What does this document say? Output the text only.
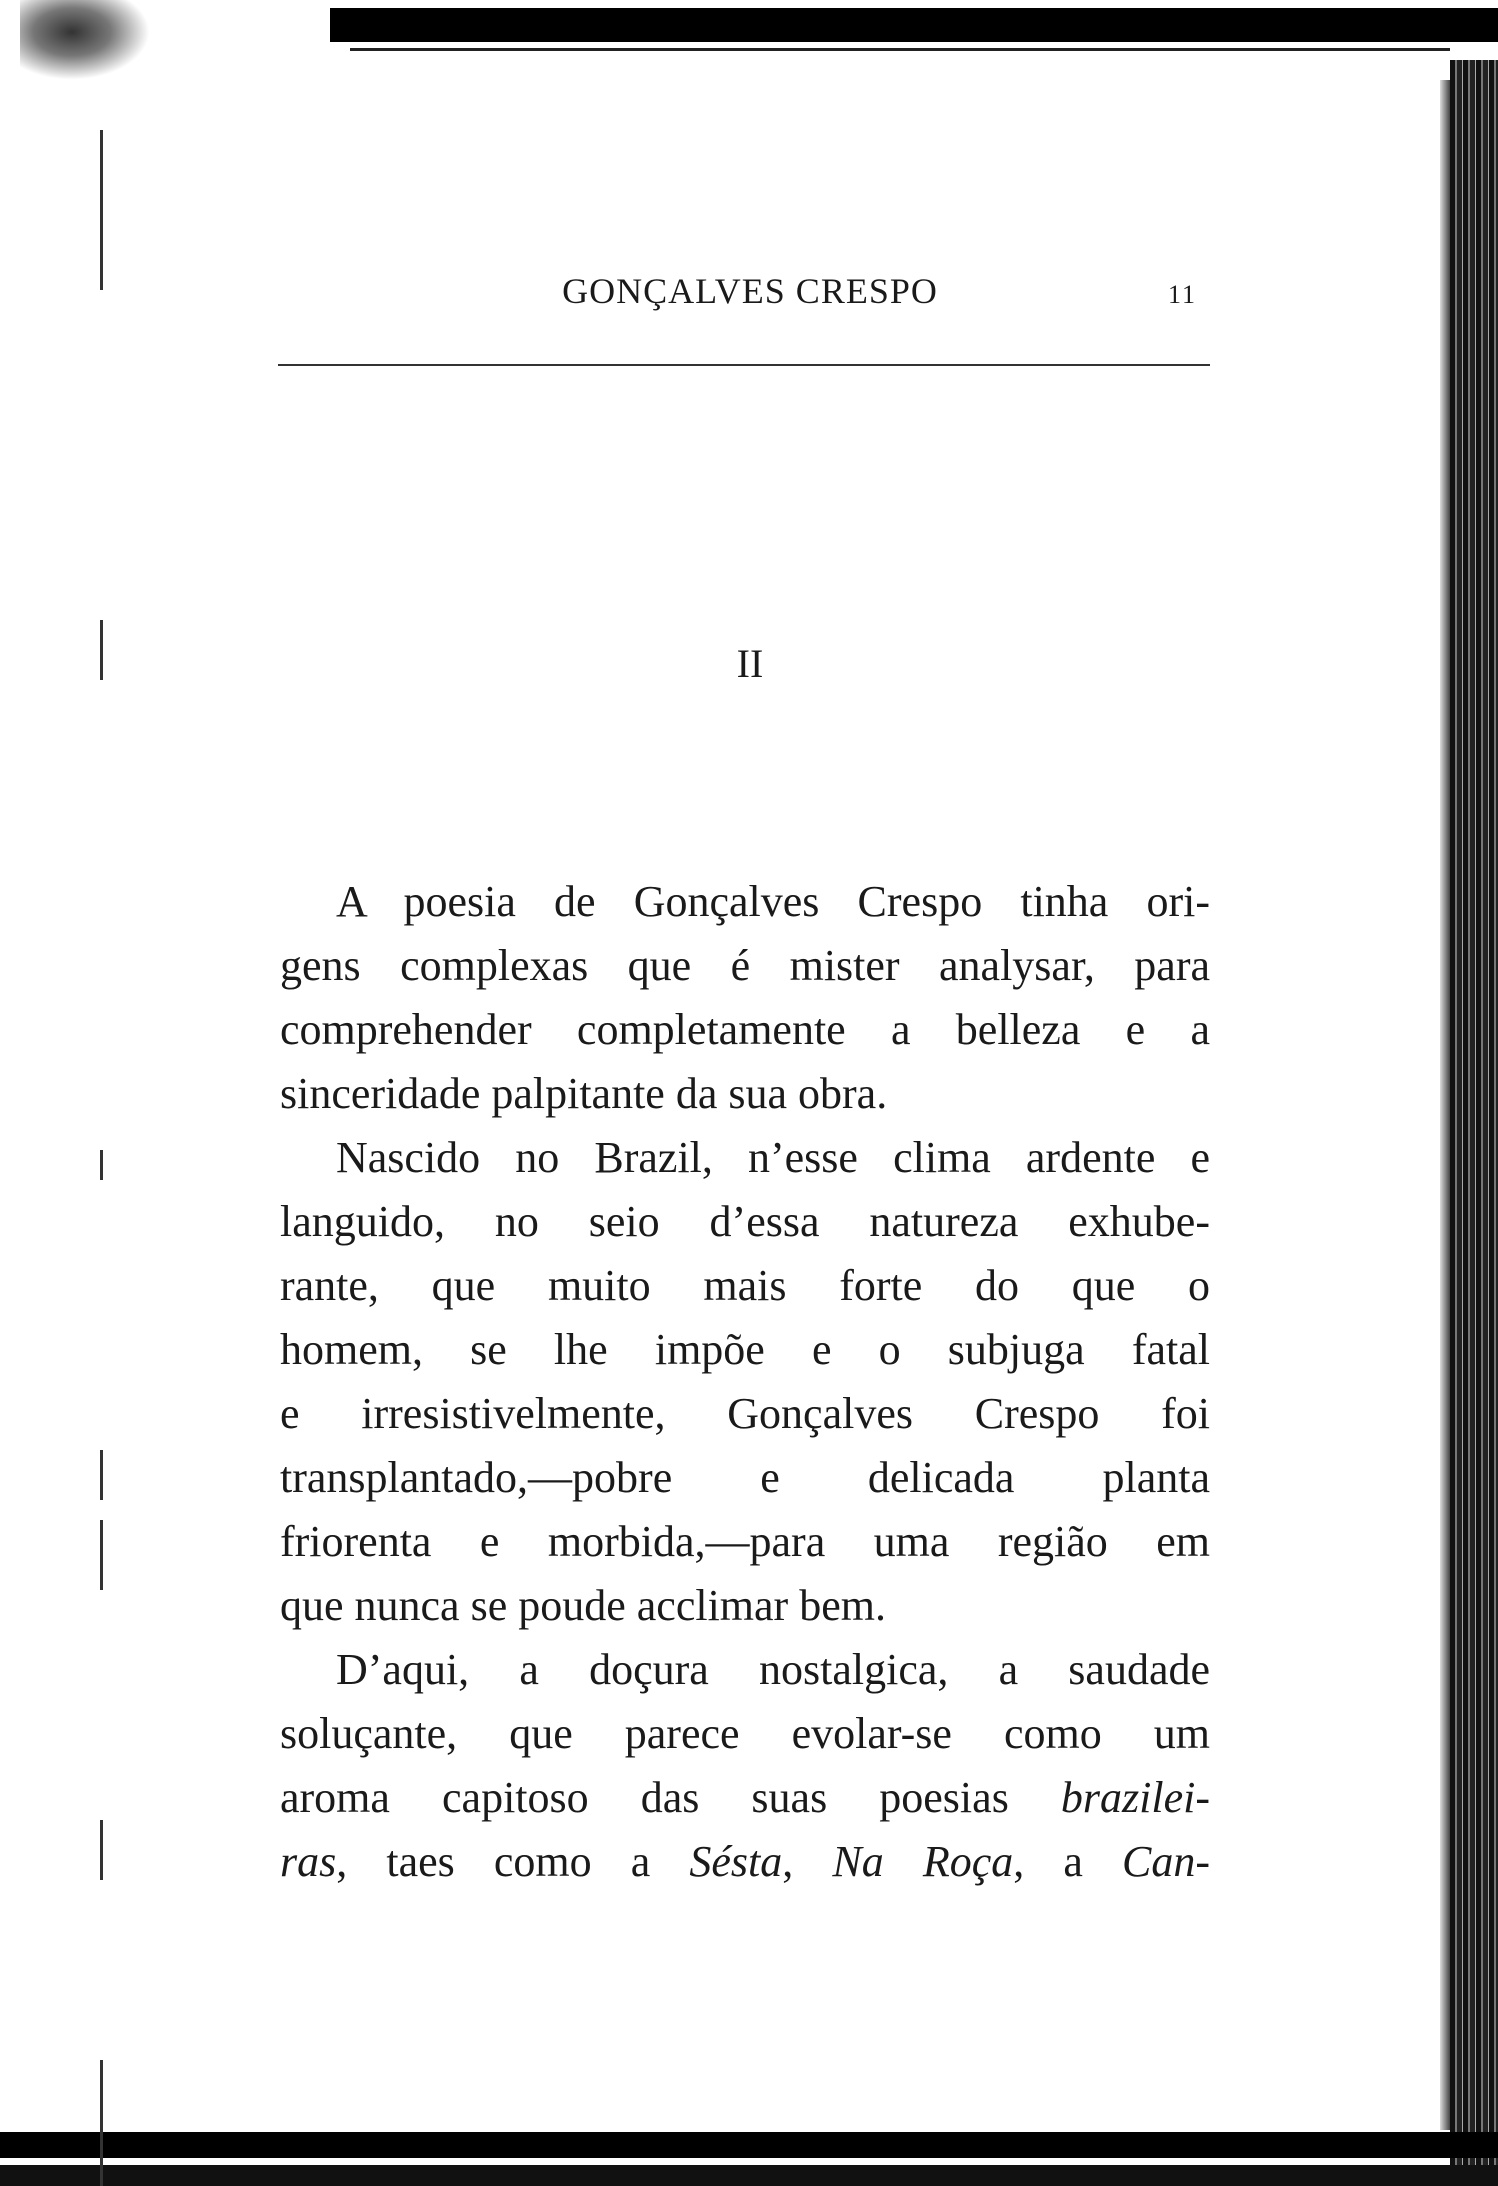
GONÇALVES CRESPO	11
II
A poesia de Gonçalves Crespo tinha ori-
gens complexas que é mister analysar, para
comprehender completamente a belleza e a
sinceridade palpitante da sua obra.
Nascido no Brazil, n’esse clima ardente e
languido, no seio d’essa natureza exhube-
rante, que muito mais forte do que o
homem, se lhe impõe e o subjuga fatal
e irresistivelmente, Gonçalves Crespo foi
transplantado,—pobre e delicada planta
friorenta e morbida,—para uma região em
que nunca se poude acclimar bem.
D’aqui, a doçura nostalgica, a saudade
soluçante, que parece evolar-se como um
aroma capitoso das suas poesias brazilei-
ras, taes como a Sésta, Na Roça, a Can-
